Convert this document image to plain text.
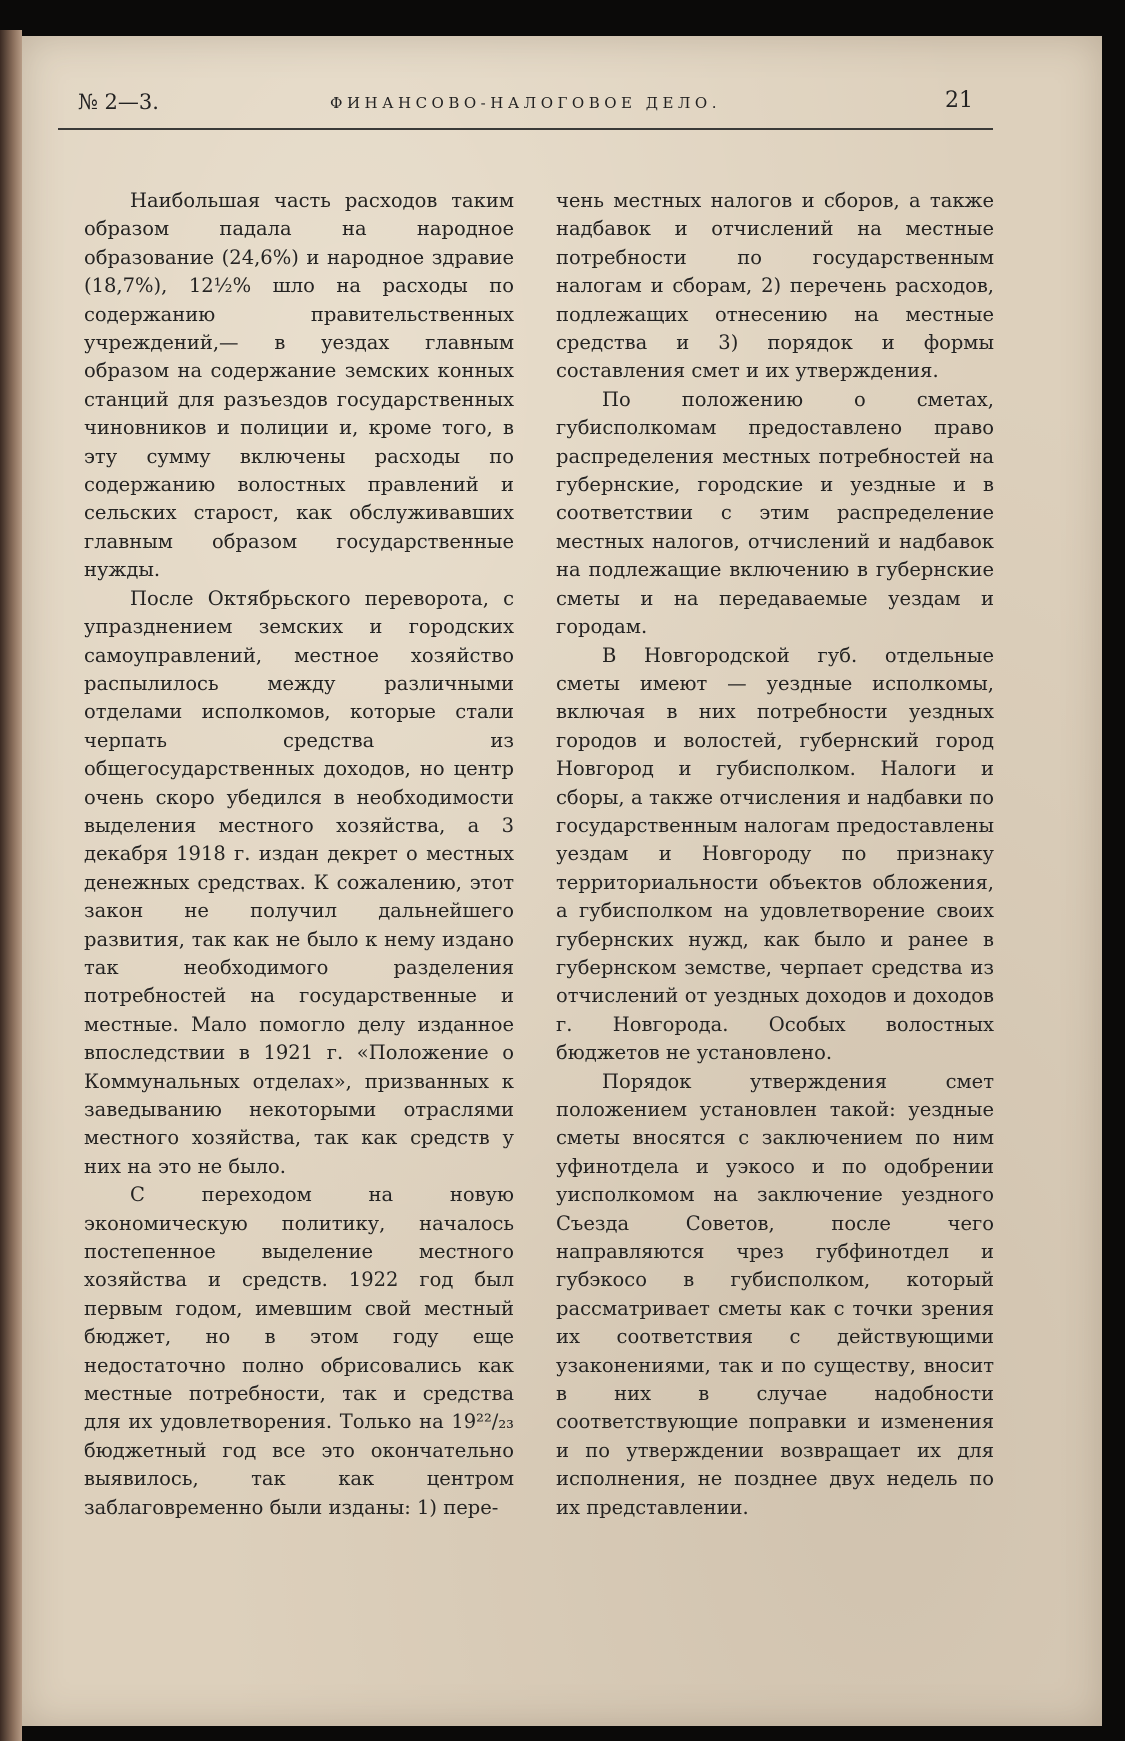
№ 2—3.	ФИНАНСОВО-НАЛОГОВОЕ ДЕЛО.	21

Наибольшая часть расходов таким образом падала на народное образование (24,6%) и народное здравие (18,7%), 12½% шло на расходы по содержанию правительственных учреждений,— в уездах главным образом на содержание земских конных станций для разъездов государственных чиновников и полиции и, кроме того, в эту сумму включены расходы по содержанию волостных правлений и сельских старост, как обслуживавших главным образом государственные нужды.

После Октябрьского переворота, с упразднением земских и городских самоуправлений, местное хозяйство распылилось между различными отделами исполкомов, которые стали черпать средства из общегосударственных доходов, но центр очень скоро убедился в необходимости выделения местного хозяйства, а 3 декабря 1918 г. издан декрет о местных денежных средствах. К сожалению, этот закон не получил дальнейшего развития, так как не было к нему издано так необходимого разделения потребностей на государственные и местные. Мало помогло делу изданное впоследствии в 1921 г. «Положение о Коммунальных отделах», призванных к заведыванию некоторыми отраслями местного хозяйства, так как средств у них на это не было.

С переходом на новую экономическую политику, началось постепенное выделение местного хозяйства и средств. 1922 год был первым годом, имевшим свой местный бюджет, но в этом году еще недостаточно полно обрисовались как местные потребности, так и средства для их удовлетворения. Только на 19²²/₂₃ бюджетный год все это окончательно выявилось, так как центром заблаговременно были изданы: 1) пере-

чень местных налогов и сборов, а также надбавок и отчислений на местные потребности по государственным налогам и сборам, 2) перечень расходов, подлежащих отнесению на местные средства и 3) порядок и формы составления смет и их утверждения.

По положению о сметах, губисполкомам предоставлено право распределения местных потребностей на губернские, городские и уездные и в соответствии с этим распределение местных налогов, отчислений и надбавок на подлежащие включению в губернские сметы и на передаваемые уездам и городам.

В Новгородской губ. отдельные сметы имеют — уездные исполкомы, включая в них потребности уездных городов и волостей, губернский город Новгород и губисполком. Налоги и сборы, а также отчисления и надбавки по государственным налогам предоставлены уездам и Новгороду по признаку территориальности объектов обложения, а губисполком на удовлетворение своих губернских нужд, как было и ранее в губернском земстве, черпает средства из отчислений от уездных доходов и доходов г. Новгорода. Особых волостных бюджетов не установлено.

Порядок утверждения смет положением установлен такой: уездные сметы вносятся с заключением по ним уфинотдела и уэкосо и по одобрении уисполкомом на заключение уездного Съезда Советов, после чего направляются чрез губфинотдел и губэкосо в губисполком, который рассматривает сметы как с точки зрения их соответствия с действующими узаконениями, так и по существу, вносит в них в случае надобности соответствующие поправки и изменения и по утверждении возвращает их для исполнения, не позднее двух недель по их представлении.
